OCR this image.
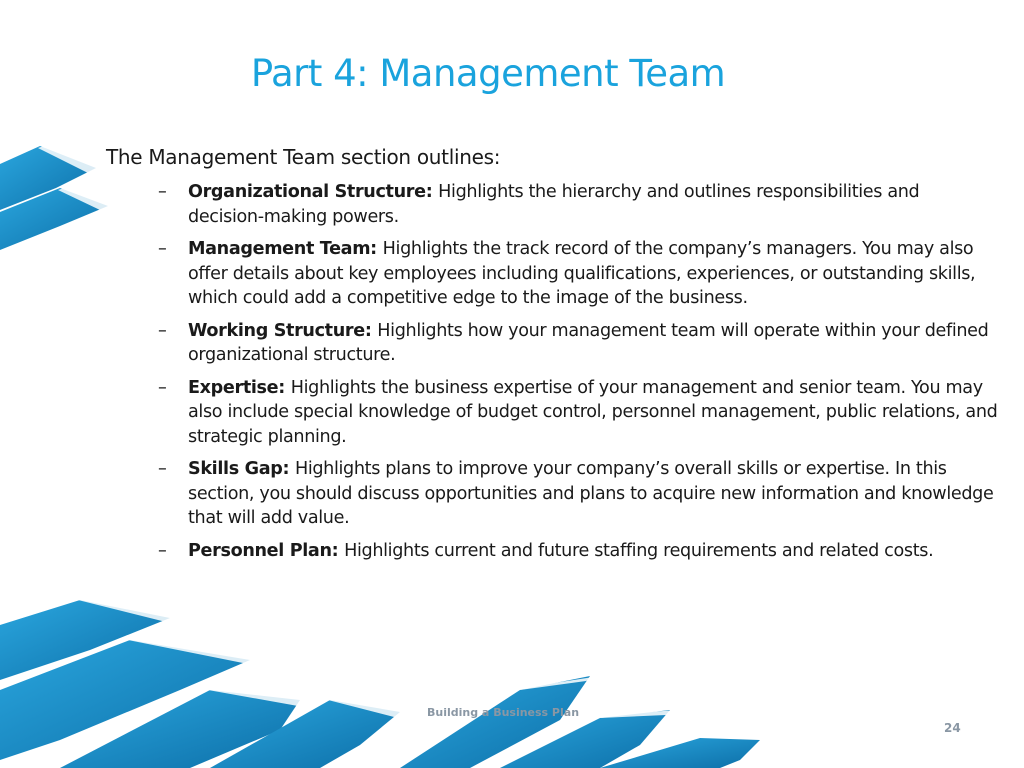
Part 4: Management Team
The Management Team section outlines:
– Organizational Structure: Highlights the hierarchy and outlines responsibilities and decision-making powers.
– Management Team: Highlights the track record of the company’s managers. You may also offer details about key employees including qualifications, experiences, or outstanding skills, which could add a competitive edge to the image of the business.
– Working Structure: Highlights how your management team will operate within your defined organizational structure.
– Expertise: Highlights the business expertise of your management and senior team. You may also include special knowledge of budget control, personnel management, public relations, and strategic planning.
– Skills Gap: Highlights plans to improve your company’s overall skills or expertise. In this section, you should discuss opportunities and plans to acquire new information and knowledge that will add value.
– Personnel Plan: Highlights current and future staffing requirements and related costs.
Building a Business Plan
24
